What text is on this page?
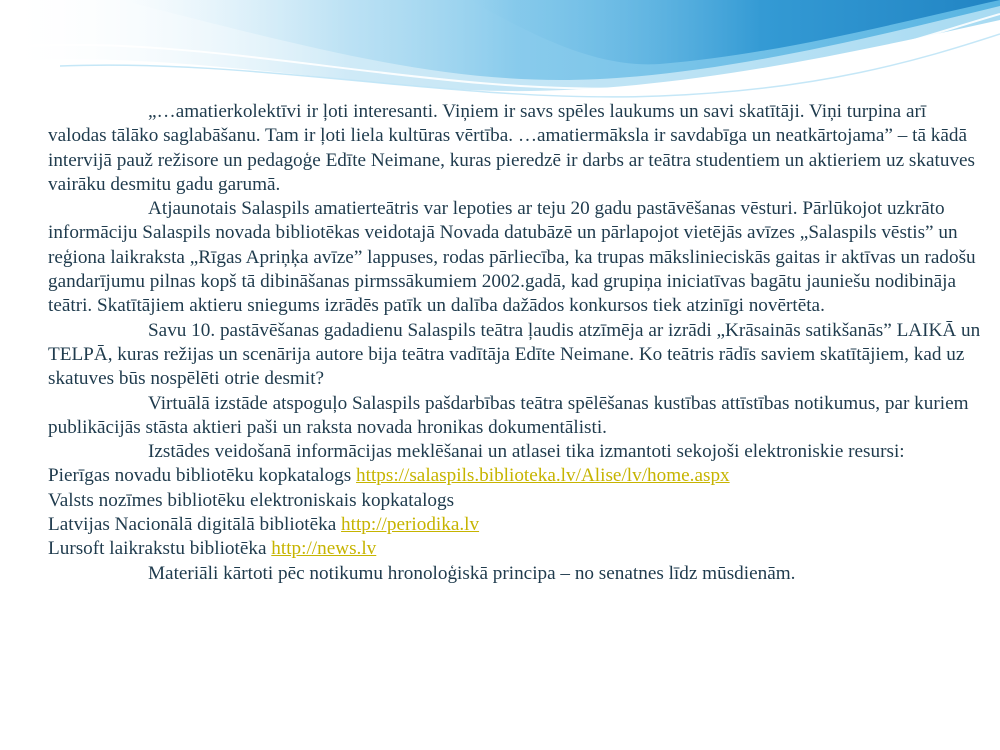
„…amatierkolektīvi ir ļoti interesanti. Viņiem ir savs spēles laukums un savi skatītāji. Viņi turpina arī valodas tālāko saglabāšanu. Tam ir ļoti liela kultūras vērtība. …amatiermāksla ir savdabīga un neatkārtojama” – tā kādā intervijā pauž režisore un pedagoģe Edīte Neimane, kuras pieredzē ir darbs ar teātra studentiem un aktieriem uz skatuves vairāku desmitu gadu garumā.

Atjaunotais Salaspils amatierteātris var lepoties ar teju 20 gadu pastāvēšanas vēsturi. Pārlūkojot uzkrāto informāciju Salaspils novada bibliotēkas veidotajā Novada datubāzē un pārlapojot vietējās avīzes „Salaspils vēstis” un reģiona laikraksta „Rīgas Apriņķa avīze” lappuses, rodas pārliecība, ka trupas mākslinieciskās gaitas ir aktīvas un radošu gandarījumu pilnas kopš tā dibināšanas pirmssākumiem 2002.gadā, kad grupiņa iniciatīvas bagātu jauniešu nodibināja teātri. Skatītājiem aktieru sniegums izrādēs patīk un dalība dažādos konkursos tiek atzinīgi novērtēta.

Savu 10. pastāvēšanas gadadienu Salaspils teātra ļaudis atzīmēja ar izrādi „Krāsainās satikšanās” LAIKĀ un TELPĀ, kuras režijas un scenārija autore bija teātra vadītāja Edīte Neimane. Ko teātris rādīs saviem skatītājiem, kad uz skatuves būs nospēlēti otrie desmit?

Virtuālā izstāde atspoguļo Salaspils pašdarbības teātra spēlēšanas kustības attīstības notikumus, par kuriem publikācijās stāsta aktieri paši un raksta novada hronikas dokumentālisti.

Izstādes veidošanā informācijas meklēšanai un atlasei tika izmantoti sekojoši elektroniskie resursi:

Pierīgas novadu bibliotēku kopkatalogs https://salaspils.biblioteka.lv/Alise/lv/home.aspx

Valsts nozīmes bibliotēku elektroniskais kopkatalogs

Latvijas Nacionālā digitālā bibliotēka http://periodika.lv

Lursoft laikrakstu bibliotēka http://news.lv

Materiāli kārtoti pēc notikumu hronoloģiskā principa – no senatnes līdz mūsdienām.
